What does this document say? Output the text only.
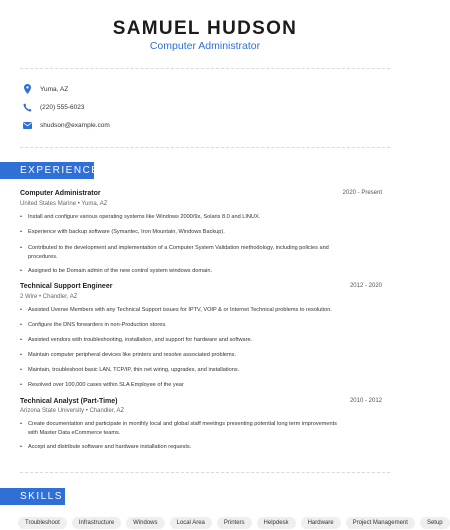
SAMUEL HUDSON
Computer Administrator
Yuma, AZ
(220) 555-6023
shudson@example.com
EXPERIENCE
Computer Administrator	2020 - Present
United States Marine • Yuma, AZ
• Install and configure various operating systems like Windows 2000/9x, Solaris 8.0 and LINUX.
• Experience with backup software (Symantec, Iron Mountain, Windows Backup).
• Contributed to the development and implementation of a Computer System Validation methodology, including policies and procedures.
• Assigned to be Domain admin of the new control system windows domain.
Technical Support Engineer	2012 - 2020
2 Wire • Chandler, AZ
• Assisted Uverse Members with any Technical Support issues for IPTV, VOIP & or Internet Technical problems to resolution.
• Configure the DNS forwarders in non-Production stores.
• Assisted vendors with troubleshooting, installation, and support for hardware and software.
• Maintain computer peripheral devices like printers and resolve associated problems.
• Maintain, troubleshoot basic LAN, TCP/IP, thin net wiring, upgrades, and installations.
• Resolved over 100,000 cases within SLA Employee of the year
Technical Analyst (Part-Time)	2010 - 2012
Arizona State University • Chandler, AZ
• Create documentation and participate in monthly local and global staff meetings presenting potential long term improvements with Master Data eCommerce teams.
• Accept and distribute software and hardware installation requests.
SKILLS
Troubleshoot	Infrastructure	Windows	Local Area	Printers	Helpdesk	Hardware	Project Management	Setup
